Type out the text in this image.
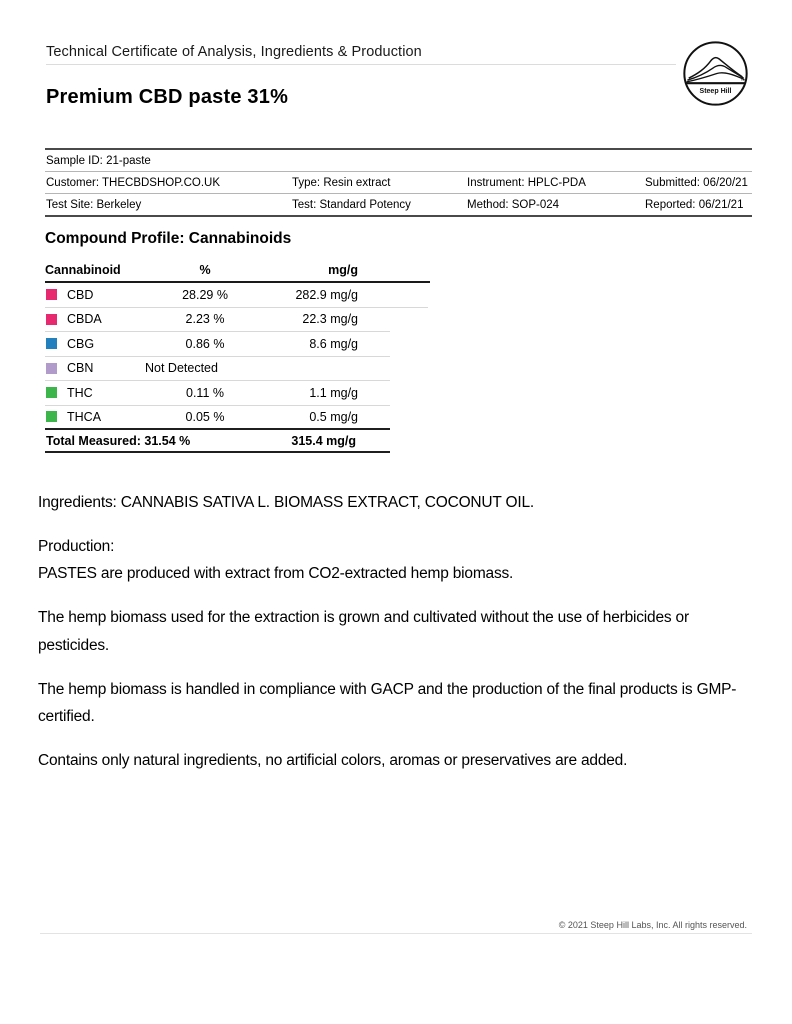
Technical Certificate of Analysis, Ingredients & Production
Premium CBD paste 31%
TM
Steep Hill
Sample ID: 21-paste
Customer: THECBDSHOP.CO.UK	Type: Resin extract	Instrument: HPLC-PDA	Submitted: 06/20/21
Test Site: Berkeley	Test: Standard Potency	Method: SOP-024	Reported: 06/21/21
Compound Profile: Cannabinoids
Cannabinoid	%	mg/g
CBD	28.29 %	282.9 mg/g
CBDA	2.23 %	22.3 mg/g
CBG	0.86 %	8.6 mg/g
CBN	Not Detected
THC	0.11 %	1.1 mg/g
THCA	0.05 %	0.5 mg/g
Total Measured: 31.54 %	315.4 mg/g

Ingredients: CANNABIS SATIVA L. BIOMASS EXTRACT, COCONUT OIL.

Production:
PASTES are produced with extract from CO2-extracted hemp biomass.

The hemp biomass used for the extraction is grown and cultivated without the use of herbicides or pesticides.

The hemp biomass is handled in compliance with GACP and the production of the final products is GMP-certified.

Contains only natural ingredients, no artificial colors, aromas or preservatives are added.

© 2021 Steep Hill Labs, Inc. All rights reserved.
